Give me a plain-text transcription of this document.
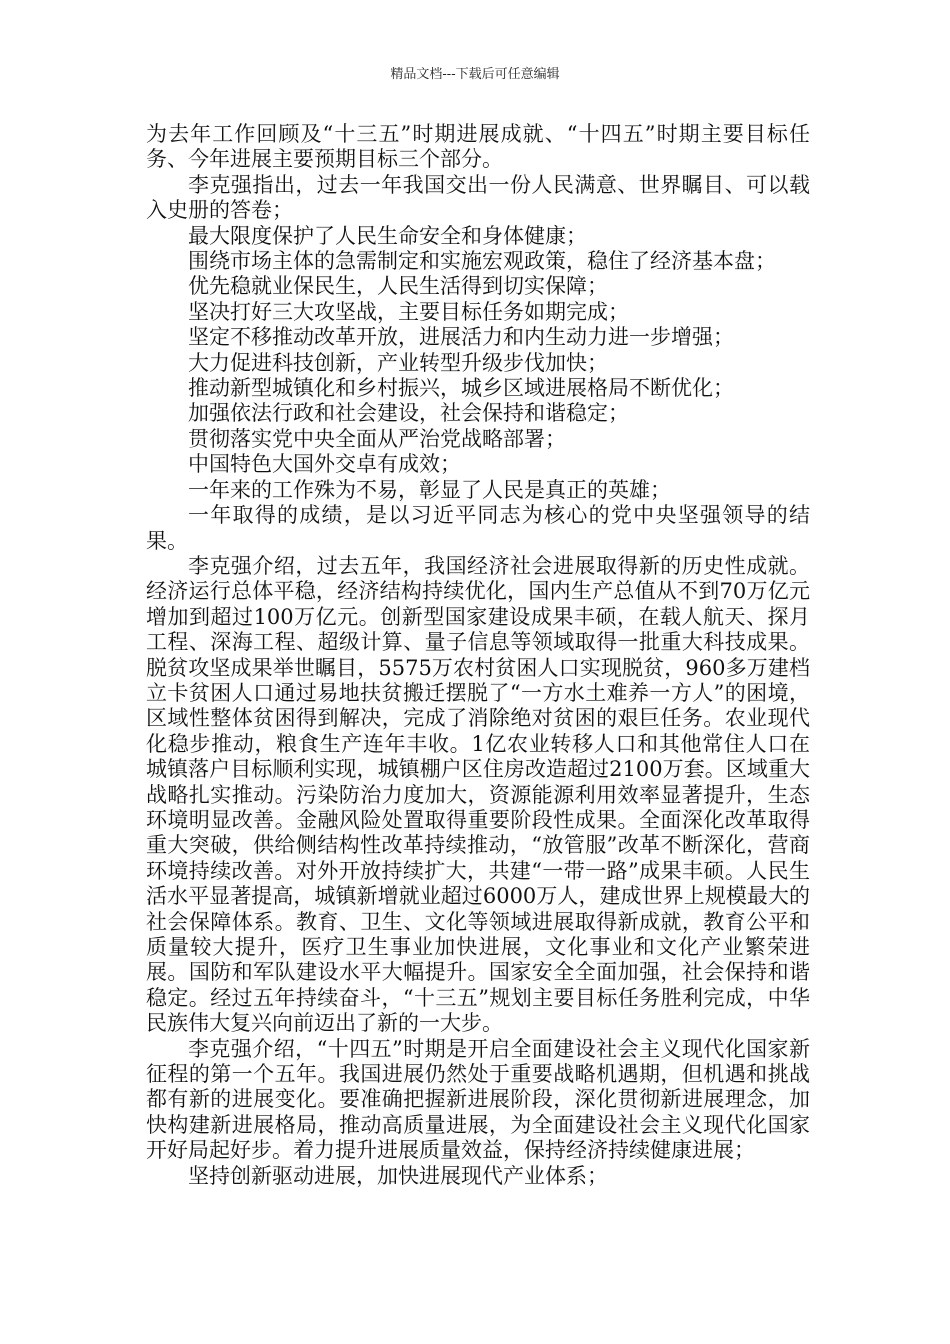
精品文档---下载后可任意编辑

为去年工作回顾及“十三五”时期进展成就、“十四五”时期主要目标任务、今年进展主要预期目标三个部分。

李克强指出，过去一年我国交出一份人民满意、世界瞩目、可以载入史册的答卷；

最大限度保护了人民生命安全和身体健康；

围绕市场主体的急需制定和实施宏观政策，稳住了经济基本盘；

优先稳就业保民生，人民生活得到切实保障；

坚决打好三大攻坚战，主要目标任务如期完成；

坚定不移推动改革开放，进展活力和内生动力进一步增强；

大力促进科技创新，产业转型升级步伐加快；

推动新型城镇化和乡村振兴，城乡区域进展格局不断优化；

加强依法行政和社会建设，社会保持和谐稳定；

贯彻落实党中央全面从严治党战略部署；

中国特色大国外交卓有成效；

一年来的工作殊为不易，彰显了人民是真正的英雄；

一年取得的成绩，是以习近平同志为核心的党中央坚强领导的结果。

李克强介绍，过去五年，我国经济社会进展取得新的历史性成就。经济运行总体平稳，经济结构持续优化，国内生产总值从不到70万亿元增加到超过100万亿元。创新型国家建设成果丰硕，在载人航天、探月工程、深海工程、超级计算、量子信息等领域取得一批重大科技成果。脱贫攻坚成果举世瞩目，5575万农村贫困人口实现脱贫，960多万建档立卡贫困人口通过易地扶贫搬迁摆脱了“一方水土难养一方人”的困境，区域性整体贫困得到解决，完成了消除绝对贫困的艰巨任务。农业现代化稳步推动，粮食生产连年丰收。1亿农业转移人口和其他常住人口在城镇落户目标顺利实现，城镇棚户区住房改造超过2100万套。区域重大战略扎实推动。污染防治力度加大，资源能源利用效率显著提升，生态环境明显改善。金融风险处置取得重要阶段性成果。全面深化改革取得重大突破，供给侧结构性改革持续推动，“放管服”改革不断深化，营商环境持续改善。对外开放持续扩大，共建“一带一路”成果丰硕。人民生活水平显著提高，城镇新增就业超过6000万人，建成世界上规模最大的社会保障体系。教育、卫生、文化等领域进展取得新成就，教育公平和质量较大提升，医疗卫生事业加快进展，文化事业和文化产业繁荣进展。国防和军队建设水平大幅提升。国家安全全面加强，社会保持和谐稳定。经过五年持续奋斗，“十三五”规划主要目标任务胜利完成，中华民族伟大复兴向前迈出了新的一大步。

李克强介绍，“十四五”时期是开启全面建设社会主义现代化国家新征程的第一个五年。我国进展仍然处于重要战略机遇期，但机遇和挑战都有新的进展变化。要准确把握新进展阶段，深化贯彻新进展理念，加快构建新进展格局，推动高质量进展，为全面建设社会主义现代化国家开好局起好步。着力提升进展质量效益，保持经济持续健康进展；

坚持创新驱动进展，加快进展现代产业体系；
